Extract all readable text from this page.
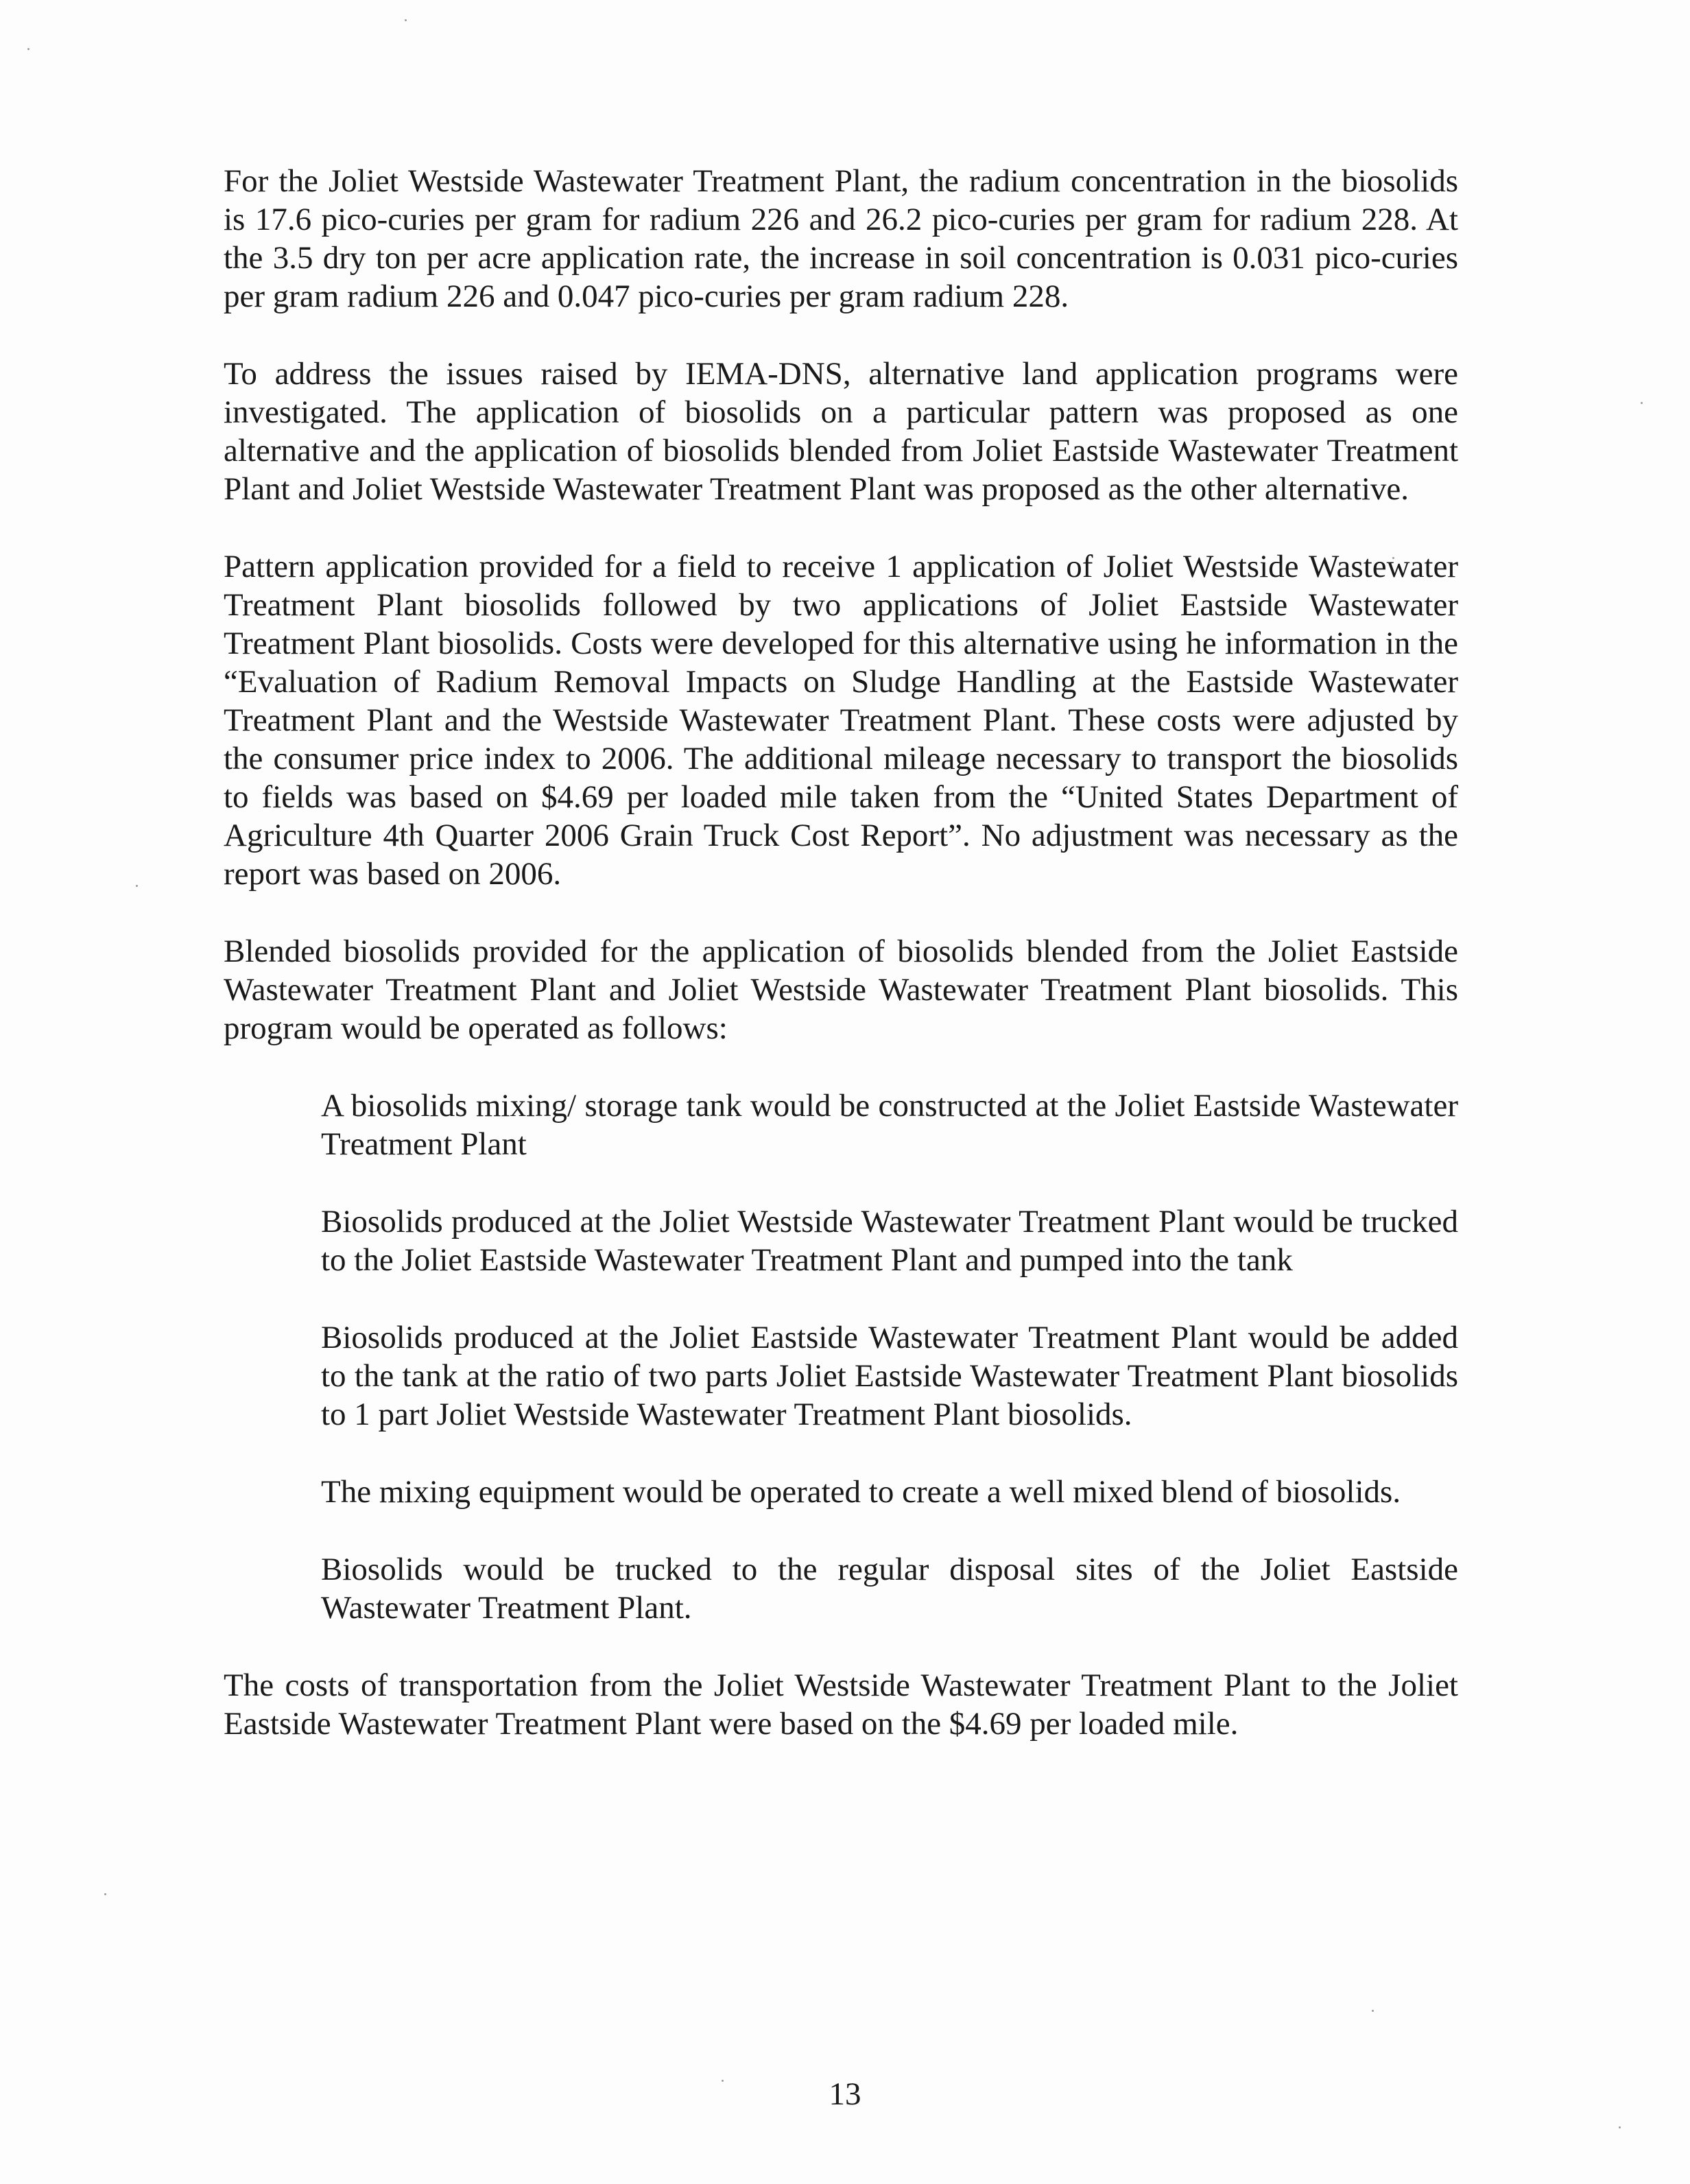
For the Joliet Westside Wastewater Treatment Plant, the radium concentration in the biosolids is 17.6 pico-curies per gram for radium 226 and 26.2 pico-curies per gram for radium 228. At the 3.5 dry ton per acre application rate, the increase in soil concentration is 0.031 pico-curies per gram radium 226 and 0.047 pico-curies per gram radium 228.

To address the issues raised by IEMA-DNS, alternative land application programs were investigated. The application of biosolids on a particular pattern was proposed as one alternative and the application of biosolids blended from Joliet Eastside Wastewater Treatment Plant and Joliet Westside Wastewater Treatment Plant was proposed as the other alternative.

Pattern application provided for a field to receive 1 application of Joliet Westside Wastewater Treatment Plant biosolids followed by two applications of Joliet Eastside Wastewater Treatment Plant biosolids. Costs were developed for this alternative using he information in the “Evaluation of Radium Removal Impacts on Sludge Handling at the Eastside Wastewater Treatment Plant and the Westside Wastewater Treatment Plant. These costs were adjusted by the consumer price index to 2006. The additional mileage necessary to transport the biosolids to fields was based on $4.69 per loaded mile taken from the “United States Department of Agriculture 4th Quarter 2006 Grain Truck Cost Report”. No adjustment was necessary as the report was based on 2006.

Blended biosolids provided for the application of biosolids blended from the Joliet Eastside Wastewater Treatment Plant and Joliet Westside Wastewater Treatment Plant biosolids. This program would be operated as follows:

A biosolids mixing/ storage tank would be constructed at the Joliet Eastside Wastewater Treatment Plant
Biosolids produced at the Joliet Westside Wastewater Treatment Plant would be trucked to the Joliet Eastside Wastewater Treatment Plant and pumped into the tank
Biosolids produced at the Joliet Eastside Wastewater Treatment Plant would be added to the tank at the ratio of two parts Joliet Eastside Wastewater Treatment Plant biosolids to 1 part Joliet Westside Wastewater Treatment Plant biosolids.
The mixing equipment would be operated to create a well mixed blend of biosolids.
Biosolids would be trucked to the regular disposal sites of the Joliet Eastside Wastewater Treatment Plant.

The costs of transportation from the Joliet Westside Wastewater Treatment Plant to the Joliet Eastside Wastewater Treatment Plant were based on the $4.69 per loaded mile.

13
